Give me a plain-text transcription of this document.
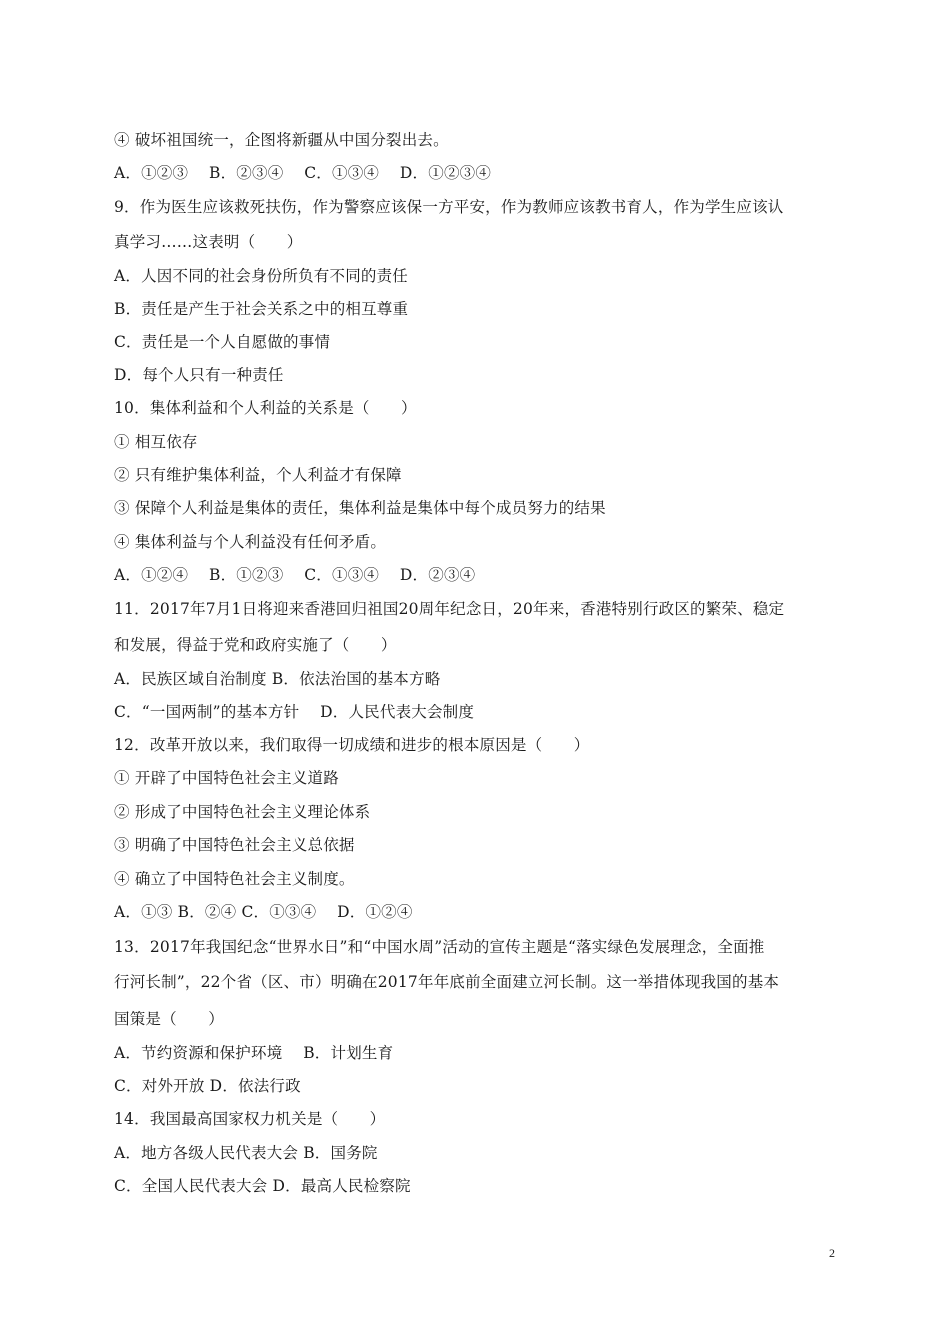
④ 破坏祖国统一，企图将新疆从中国分裂出去。
A．①②③　 B．②③④　 C．①③④　 D．①②③④
9．作为医生应该救死扶伤，作为警察应该保一方平安，作为教师应该教书育人，作为学生应该认
真学习……这表明（　　）
A．人因不同的社会身份所负有不同的责任
B．责任是产生于社会关系之中的相互尊重
C．责任是一个人自愿做的事情
D．每个人只有一种责任
10．集体利益和个人利益的关系是（　　）
① 相互依存
② 只有维护集体利益，个人利益才有保障
③ 保障个人利益是集体的责任，集体利益是集体中每个成员努力的结果
④ 集体利益与个人利益没有任何矛盾。
A．①②④　 B．①②③　 C．①③④　 D．②③④
11．2017年7月1日将迎来香港回归祖国20周年纪念日，20年来，香港特别行政区的繁荣、稳定
和发展，得益于党和政府实施了（　　）
A．民族区域自治制度 B．依法治国的基本方略
C．“一国两制”的基本方针　 D．人民代表大会制度
12．改革开放以来，我们取得一切成绩和进步的根本原因是（　　）
① 开辟了中国特色社会主义道路
② 形成了中国特色社会主义理论体系
③ 明确了中国特色社会主义总依据
④ 确立了中国特色社会主义制度。
A．①③ B．②④ C．①③④　 D．①②④
13．2017年我国纪念“世界水日”和“中国水周”活动的宣传主题是“落实绿色发展理念，全面推
行河长制”，22个省（区、市）明确在2017年年底前全面建立河长制。这一举措体现我国的基本
国策是（　　）
A．节约资源和保护环境　 B．计划生育
C．对外开放 D．依法行政
14．我国最高国家权力机关是（　　）
A．地方各级人民代表大会 B．国务院
C．全国人民代表大会 D．最高人民检察院
2
